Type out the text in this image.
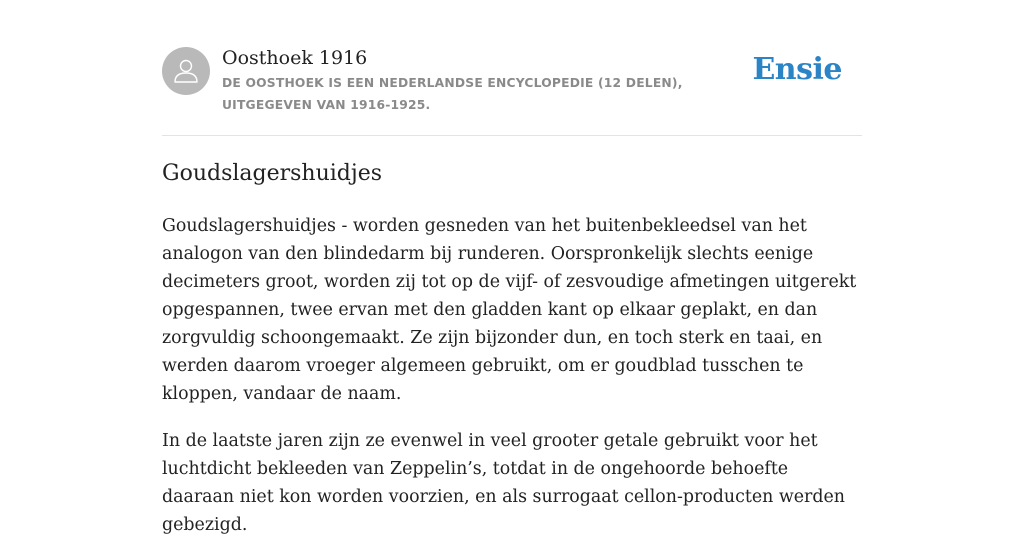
Oosthoek 1916
DE OOSTHOEK IS EEN NEDERLANDSE ENCYCLOPEDIE (12 DELEN), UITGEGEVEN VAN 1916-1925.
Ensie
Goudslagershuidjes

Goudslagershuidjes - worden gesneden van het buitenbekleedsel van het analogon van den blindedarm bij runderen. Oorspronkelijk slechts eenige decimeters groot, worden zij tot op de vijf- of zesvoudige afmetingen uitgerekt opgespannen, twee ervan met den gladden kant op elkaar geplakt, en dan zorgvuldig schoongemaakt. Ze zijn bijzonder dun, en toch sterk en taai, en werden daarom vroeger algemeen gebruikt, om er goudblad tusschen te kloppen, vandaar de naam.

In de laatste jaren zijn ze evenwel in veel grooter getale gebruikt voor het luchtdicht bekleeden van Zeppelin’s, totdat in de ongehoorde behoefte daaraan niet kon worden voorzien, en als surrogaat cellon-producten werden gebezigd.
